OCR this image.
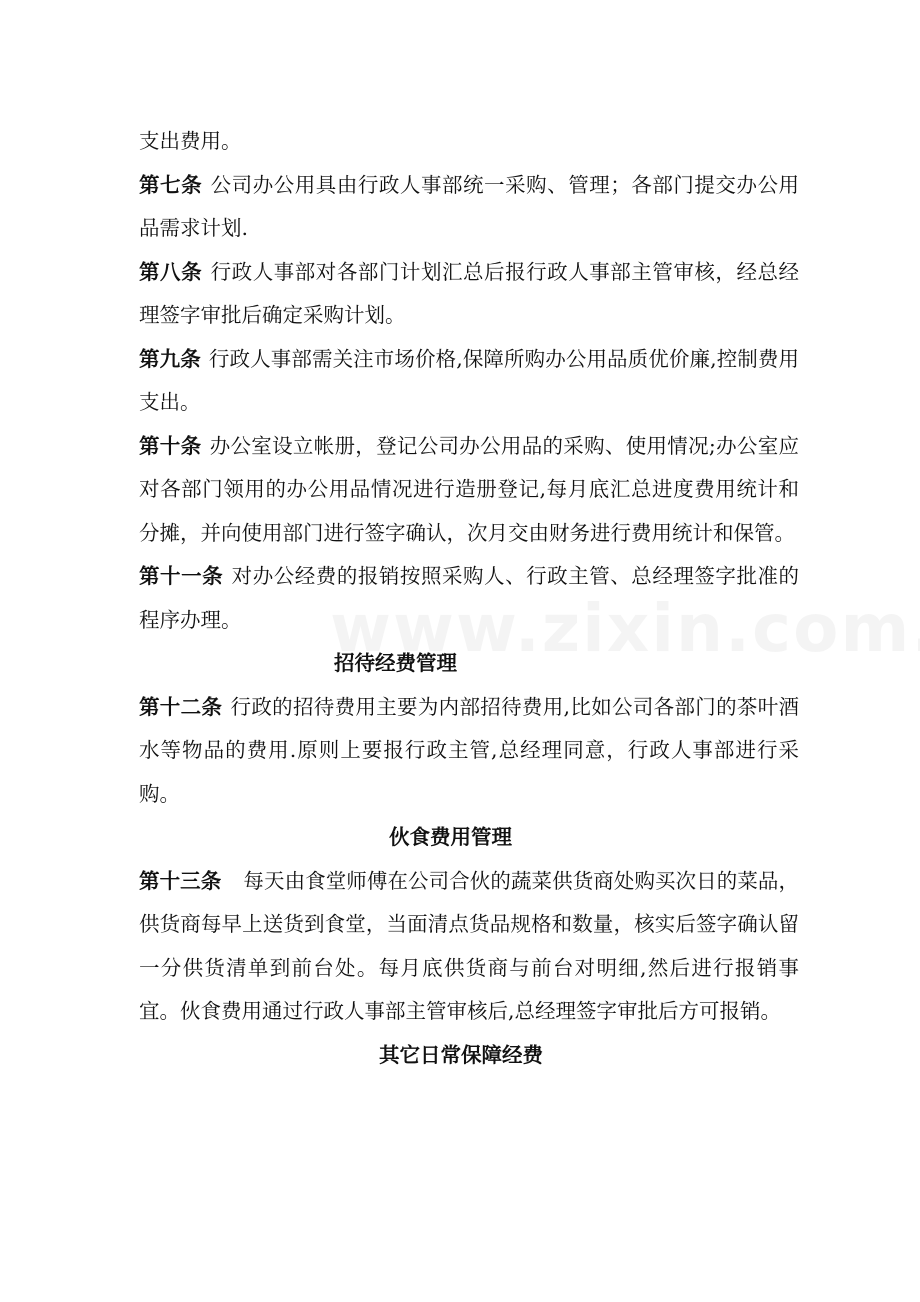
支出费用。

第七条 公司办公用具由行政人事部统一采购、管理；各部门提交办公用品需求计划.

第八条 行政人事部对各部门计划汇总后报行政人事部主管审核，经总经理签字审批后确定采购计划。

第九条 行政人事部需关注市场价格,保障所购办公用品质优价廉,控制费用支出。

第十条 办公室设立帐册，登记公司办公用品的采购、使用情况;办公室应对各部门领用的办公用品情况进行造册登记,每月底汇总进度费用统计和分摊，并向使用部门进行签字确认，次月交由财务进行费用统计和保管。

第十一条 对办公经费的报销按照采购人、行政主管、总经理签字批准的程序办理。

招待经费管理

第十二条 行政的招待费用主要为内部招待费用,比如公司各部门的茶叶酒水等物品的费用.原则上要报行政主管,总经理同意，行政人事部进行采购。

伙食费用管理

第十三条 每天由食堂师傅在公司合伙的蔬菜供货商处购买次日的菜品，供货商每早上送货到食堂，当面清点货品规格和数量，核实后签字确认留一分供货清单到前台处。每月底供货商与前台对明细,然后进行报销事宜。伙食费用通过行政人事部主管审核后,总经理签字审批后方可报销。

其它日常保障经费
